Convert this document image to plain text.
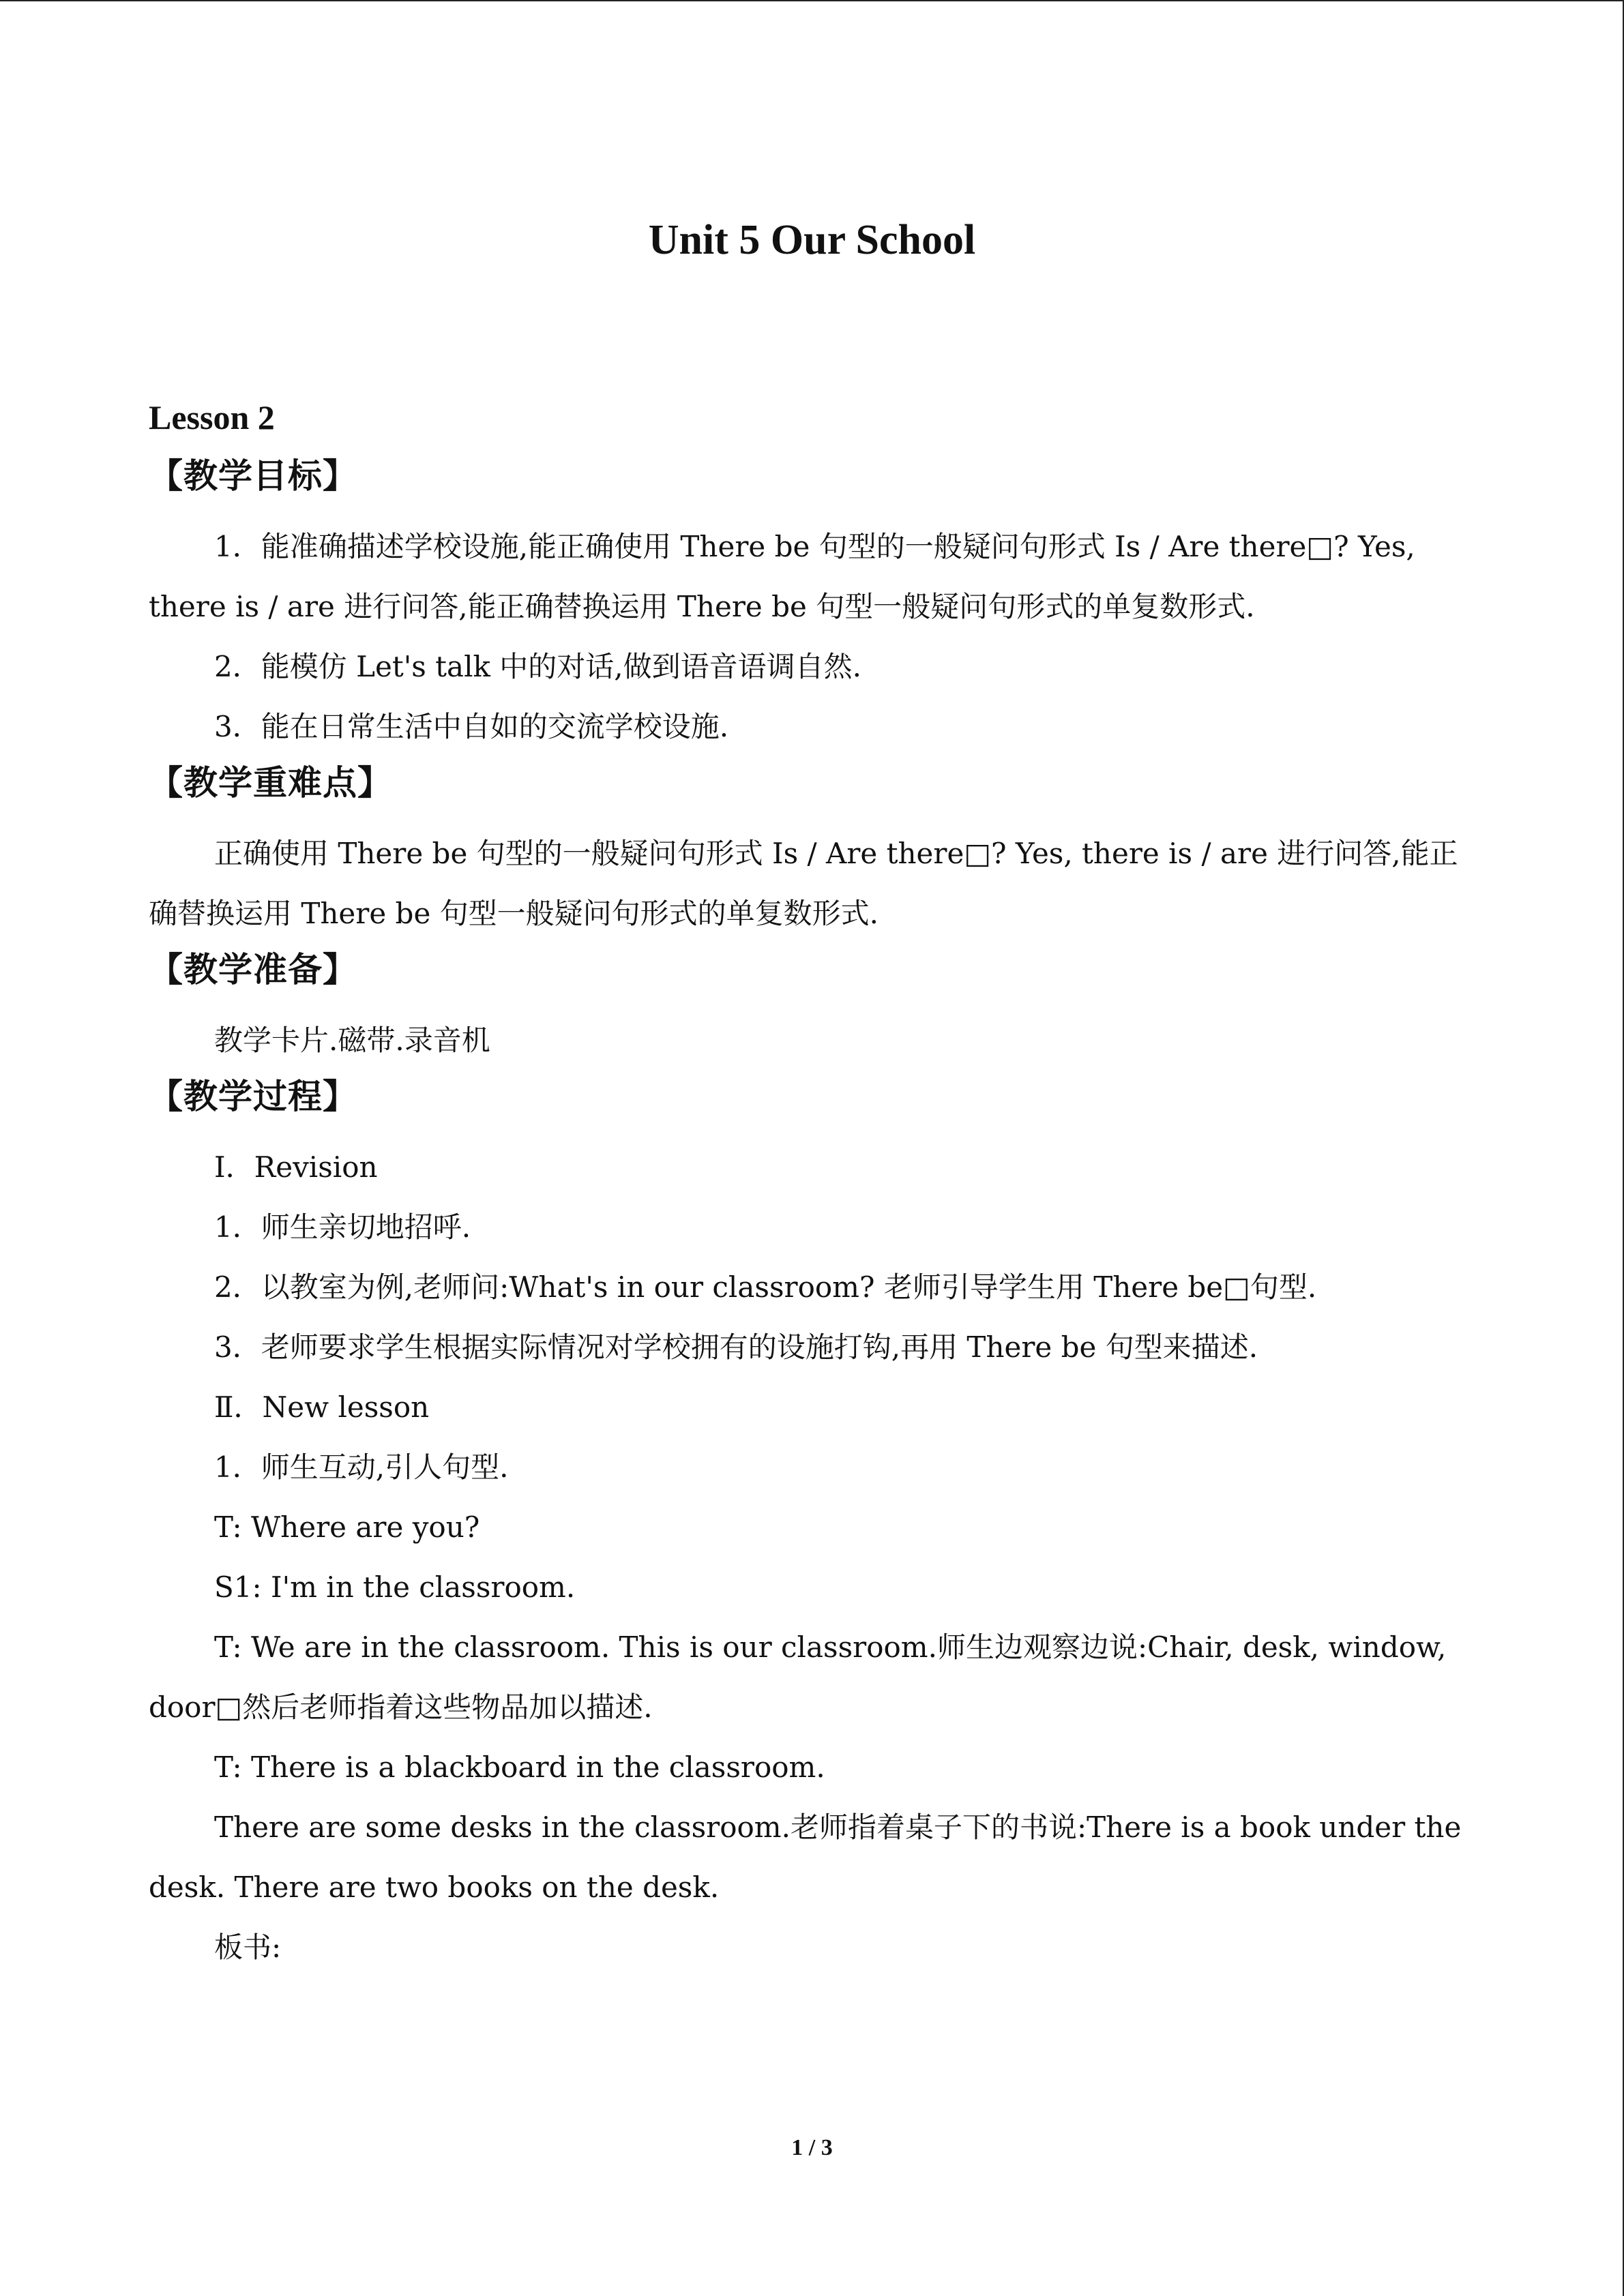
Unit 5 Our School
Lesson 2
【教学目标】

1．能准确描述学校设施,能正确使用 There be 句型的一般疑问句形式 Is / Are there□? Yes, there is / are 进行问答,能正确替换运用 There be 句型一般疑问句形式的单复数形式.

2．能模仿 Let's talk 中的对话,做到语音语调自然.

3．能在日常生活中自如的交流学校设施.

【教学重难点】

正确使用 There be 句型的一般疑问句形式 Is / Are there□? Yes, there is / are 进行问答,能正确替换运用 There be 句型一般疑问句形式的单复数形式.

【教学准备】

教学卡片.磁带.录音机

【教学过程】

Ⅰ．Revision

1．师生亲切地招呼.

2．以教室为例,老师问:What's in our classroom? 老师引导学生用 There be□句型.

3．老师要求学生根据实际情况对学校拥有的设施打钩,再用 There be 句型来描述.

Ⅱ．New lesson

1．师生互动,引人句型.

T: Where are you?

S1: I'm in the classroom.

T: We are in the classroom. This is our classroom.师生边观察边说:Chair, desk, window, door□然后老师指着这些物品加以描述.

T: There is a blackboard in the classroom.

There are some desks in the classroom.老师指着桌子下的书说:There is a book under the desk. There are two books on the desk.

板书:

1 / 3
